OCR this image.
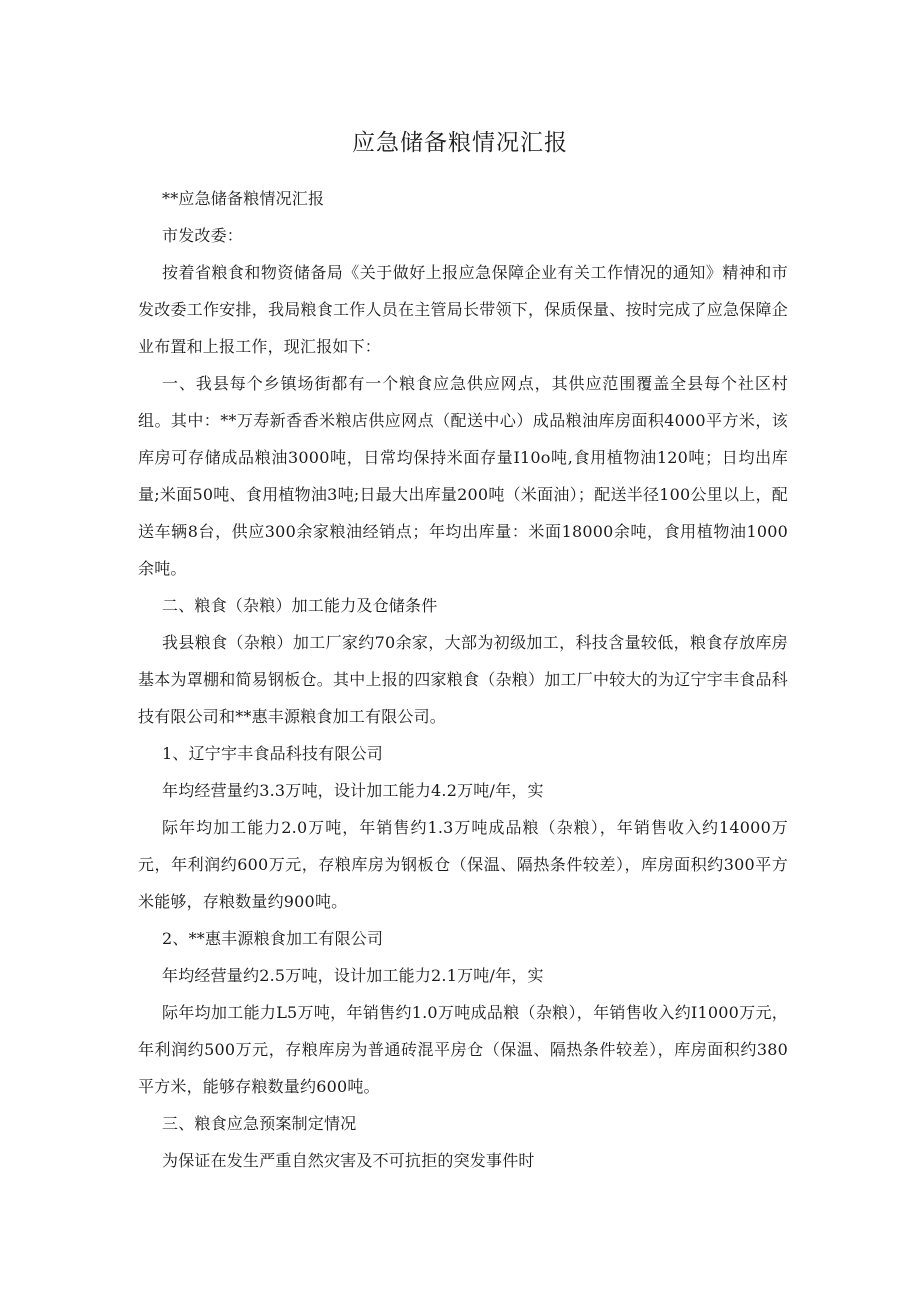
应急储备粮情况汇报

**应急储备粮情况汇报

市发改委：

按着省粮食和物资储备局《关于做好上报应急保障企业有关工作情况的通知》精神和市发改委工作安排，我局粮食工作人员在主管局长带领下，保质保量、按时完成了应急保障企业布置和上报工作，现汇报如下：

一、我县每个乡镇场街都有一个粮食应急供应网点，其供应范围覆盖全县每个社区村组。其中：**万寿新香香米粮店供应网点（配送中心）成品粮油库房面积4000平方米，该库房可存储成品粮油3000吨，日常均保持米面存量I10o吨,食用植物油120吨；日均出库量;米面50吨、食用植物油3吨;日最大出库量200吨（米面油）；配送半径100公里以上，配送车辆8台，供应300余家粮油经销点；年均出库量：米面18000余吨，食用植物油1000余吨。

二、粮食（杂粮）加工能力及仓储条件

我县粮食（杂粮）加工厂家约70余家，大部为初级加工，科技含量较低，粮食存放库房基本为罩棚和简易钢板仓。其中上报的四家粮食（杂粮）加工厂中较大的为辽宁宇丰食品科技有限公司和**惠丰源粮食加工有限公司。

1、辽宁宇丰食品科技有限公司

年均经营量约3.3万吨，设计加工能力4.2万吨/年，实

际年均加工能力2.0万吨，年销售约1.3万吨成品粮（杂粮），年销售收入约14000万元，年利润约600万元，存粮库房为钢板仓（保温、隔热条件较差），库房面积约300平方米能够，存粮数量约900吨。

2、**惠丰源粮食加工有限公司

年均经营量约2.5万吨，设计加工能力2.1万吨/年，实

际年均加工能力L5万吨，年销售约1.0万吨成品粮（杂粮），年销售收入约I1000万元，年利润约500万元，存粮库房为普通砖混平房仓（保温、隔热条件较差），库房面积约380平方米，能够存粮数量约600吨。

三、粮食应急预案制定情况

为保证在发生严重自然灾害及不可抗拒的突发事件时
